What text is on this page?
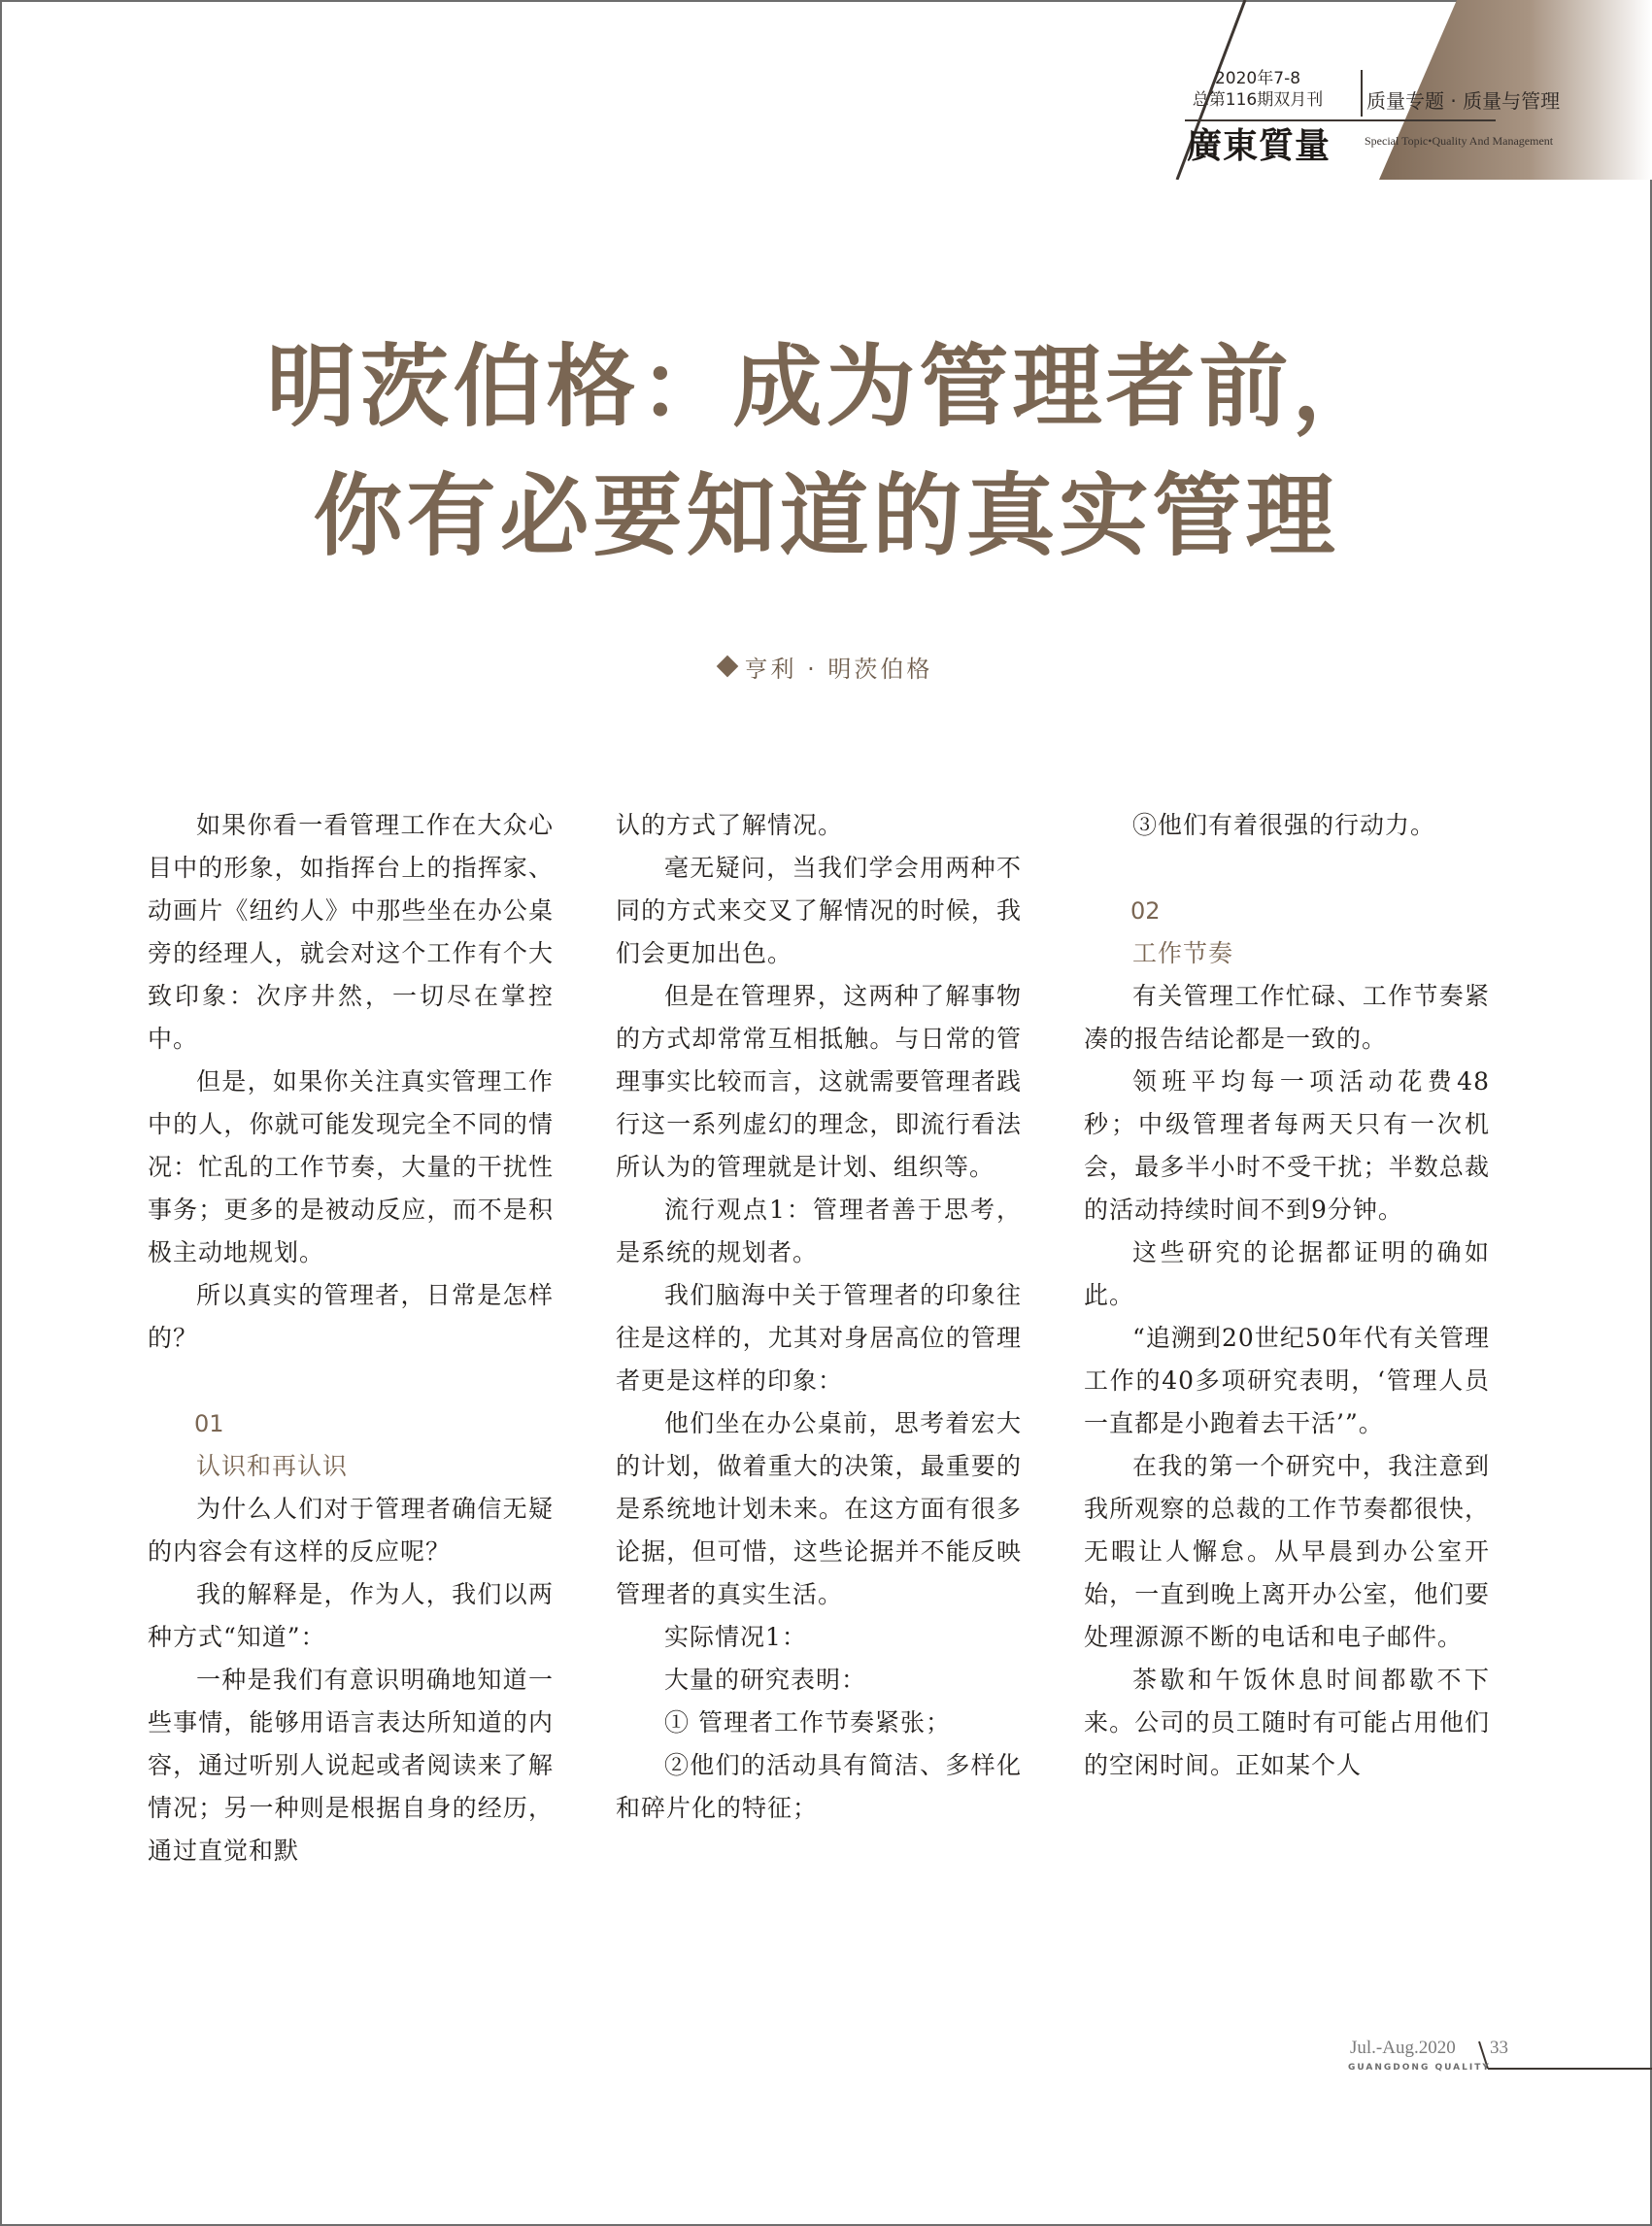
2020年7-8
总第116期双月刊
廣東質量
质量专题 · 质量与管理
Special Topic•Quality And Management
明茨伯格：成为管理者前，
你有必要知道的真实管理
亨利 · 明茨伯格

如果你看一看管理工作在大众心目中的形象，如指挥台上的指挥家、动画片《纽约人》中那些坐在办公桌旁的经理人，就会对这个工作有个大致印象：次序井然，一切尽在掌控中。

但是，如果你关注真实管理工作中的人，你就可能发现完全不同的情况：忙乱的工作节奏，大量的干扰性事务；更多的是被动反应，而不是积极主动地规划。

所以真实的管理者，日常是怎样的？

01
认识和再认识

为什么人们对于管理者确信无疑的内容会有这样的反应呢？

我的解释是，作为人，我们以两种方式“知道”：

一种是我们有意识明确地知道一些事情，能够用语言表达所知道的内容，通过听别人说起或者阅读来了解情况；另一种则是根据自身的经历，通过直觉和默

认的方式了解情况。

毫无疑问，当我们学会用两种不同的方式来交叉了解情况的时候，我们会更加出色。

但是在管理界，这两种了解事物的方式却常常互相抵触。与日常的管理事实比较而言，这就需要管理者践行这一系列虚幻的理念，即流行看法所认为的管理就是计划、组织等。

流行观点1：管理者善于思考，是系统的规划者。

我们脑海中关于管理者的印象往往是这样的，尤其对身居高位的管理者更是这样的印象：

他们坐在办公桌前，思考着宏大的计划，做着重大的决策，最重要的是系统地计划未来。在这方面有很多论据，但可惜，这些论据并不能反映管理者的真实生活。

实际情况1：

大量的研究表明：

① 管理者工作节奏紧张；

②他们的活动具有简洁、多样化和碎片化的特征；

③他们有着很强的行动力。

02
工作节奏

有关管理工作忙碌、工作节奏紧凑的报告结论都是一致的。

领班平均每一项活动花费48秒；中级管理者每两天只有一次机会，最多半小时不受干扰；半数总裁的活动持续时间不到9分钟。

这些研究的论据都证明的确如此。

“追溯到20世纪50年代有关管理工作的40多项研究表明，‘管理人员一直都是小跑着去干活’”。

在我的第一个研究中，我注意到我所观察的总裁的工作节奏都很快，无暇让人懈怠。从早晨到办公室开始，一直到晚上离开办公室，他们要处理源源不断的电话和电子邮件。

茶歇和午饭休息时间都歇不下来。公司的员工随时有可能占用他们的空闲时间。正如某个人

Jul.-Aug.2020
GUANGDONG QUALITY
33
